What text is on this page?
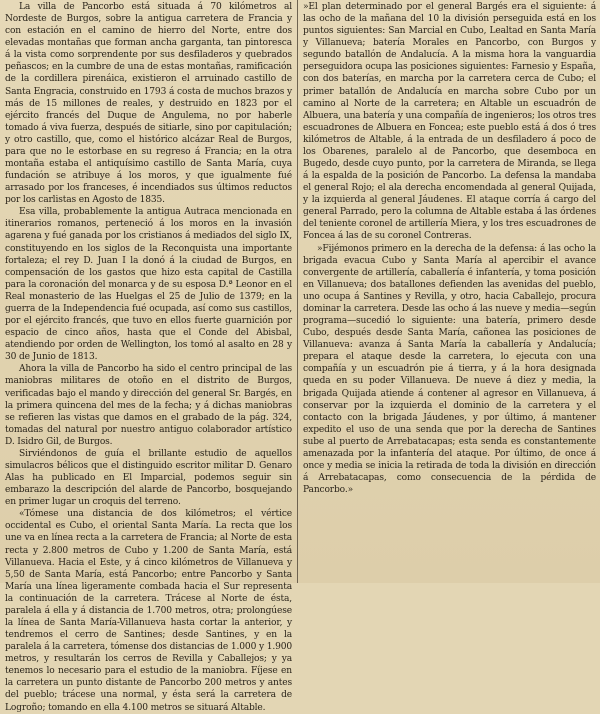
La villa de Pancorbo está situada á 70 kilómetros al Nordeste de Burgos, sobre la antigua carretera de Francia y con estación en el camino de hierro del Norte, entre dos elevadas montañas que forman ancha garganta, tan pintoresca á la vista como sorprendente por sus desfiladeros y quebrados peñascos; en la cumbre de una de estas montañas, ramificación de la cordillera pirenáica, existieron el arruinado castillo de Santa Engracia, construido en 1793 á costa de muchos brazos y más de 15 millones de reales, y destruido en 1823 por el ejército francés del Duque de Angulema, no por haberle tomado á viva fuerza, después de sitiarle, sino por capitulación; y otro castillo, que, como el histórico alcázar Real de Burgos, para que no le estorbase en su regreso á Francia; en la otra montaña estaba el antiquísimo castillo de Santa María, cuya fundación se atribuye á los moros, y que igualmente fué arrasado por los franceses, é incendiados sus últimos reductos por los carlistas en Agosto de 1835.

Esa villa, probablemente la antigua Autraca mencionada en itinerarios romanos, perteneció á los moros en la invasión agarena y fué ganada por los cristianos á mediados del siglo IX, constituyendo en los siglos de la Reconquista una importante fortaleza; el rey D. Juan I la donó á la ciudad de Burgos, en compensación de los gastos que hizo esta capital de Castilla para la coronación del monarca y de su esposa D.ª Leonor en el Real monasterio de las Huelgas el 25 de Julio de 1379; en la guerra de la Independencia fué ocupada, así como sus castillos, por el ejército francés, que tuvo en ellos fuerte guarnición por espacio de cinco años, hasta que el Conde del Abisbal, atendiendo por orden de Wellington, los tomó al asalto en 28 y 30 de Junio de 1813.

Ahora la villa de Pancorbo ha sido el centro principal de las maniobras militares de otoño en el distrito de Burgos, verificadas bajo el mando y dirección del general Sr. Bargés, en la primera quincena del mes de la fecha; y á dichas maniobras se refieren las vistas que damos en el grabado de la pág. 324, tomadas del natural por nuestro antiguo colaborador artístico D. Isidro Gil, de Burgos.

Sirviéndonos de guía el brillante estudio de aquellos simulacros bélicos que el distinguido escritor militar D. Genaro Alas ha publicado en El Imparcial, podemos seguir sin embarazo la descripción del alarde de Pancorbo, bosquejando en primer lugar un croquis del terreno.

«Tómese una distancia de dos kilómetros; el vértice occidental es Cubo, el oriental Santa María. La recta que los une va en línea recta a la carretera de Francia; al Norte de esta recta y 2.800 metros de Cubo y 1.200 de Santa María, está Villanueva. Hacia el Este, y á cinco kilómetros de Villanueva y 5,50 de Santa María, está Pancorbo; entre Pancorbo y Santa María una línea ligeramente combada hacia el Sur representa la continuación de la carretera. Trácese al Norte de ésta, paralela á ella y á distancia de 1.700 metros, otra; prolongúese la línea de Santa María-Villanueva hasta cortar la anterior, y tendremos el cerro de Santines; desde Santines, y en la paralela á la carretera, tómense dos distancias de 1.000 y 1.900 metros, y resultarán los cerros de Revilla y Caballejos; y ya tenemos lo necesario para el estudio de la maniobra. Fíjese en la carretera un punto distante de Pancorbo 200 metros y antes del pueblo; trácese una normal, y ésta será la carretera de Logroño; tomando en ella 4.100 metros se situará Altable.

»El plan determinado por el general Bargés era el siguiente: á las ocho de la mañana del 10 la división perseguida está en los puntos siguientes: San Marcial en Cubo, Lealtad en Santa María y Villanueva; batería Morales en Pancorbo, con Burgos y segundo batallón de Andalucía. A la misma hora la vanguardia perseguidora ocupa las posiciones siguientes: Farnesio y España, con dos baterías, en marcha por la carretera cerca de Cubo; el primer batallón de Andalucía en marcha sobre Cubo por un camino al Norte de la carretera; en Altable un escuadrón de Albuera, una batería y una compañía de ingenieros; los otros tres escuadrones de Albuera en Foncea; este pueblo está á dos ó tres kilómetros de Altable, á la entrada de un desfiladero á poco de los Obarenes, paralelo al de Pancorbo, que desemboca en Bugedo, desde cuyo punto, por la carretera de Miranda, se llega á la espalda de la posición de Pancorbo. La defensa la mandaba el general Rojo; el ala derecha encomendada al general Quijada, y la izquierda al general Jáudenes. El ataque corría á cargo del general Parrado, pero la columna de Altable estaba á las órdenes del teniente coronel de artillería Miera, y los tres escuadrones de Foncea á las de su coronel Contreras.

»Fijémonos primero en la derecha de la defensa: á las ocho la brigada evacua Cubo y Santa María al apercibir el avance convergente de artillería, caballería é infantería, y toma posición en Villanueva; dos batallones defienden las avenidas del pueblo, uno ocupa á Santines y Revilla, y otro, hacia Caballejo, procura dominar la carretera. Desde las ocho á las nueve y media—según programa—sucedió lo siguiente: una batería, primero desde Cubo, después desde Santa María, cañonea las posiciones de Villanueva: avanza á Santa María la caballería y Andalucía; prepara el ataque desde la carretera, lo ejecuta con una compañía y un escuadrón pie á tierra, y á la hora designada queda en su poder Villanueva. De nueve á diez y media, la brigada Quijada atiende á contener al agresor en Villanueva, á conservar por la izquierda el dominio de la carretera y el contacto con la brigada Jáudenes, y por último, á mantener expedito el uso de una senda que por la derecha de Santines sube al puerto de Arrebatacapas; esta senda es constantemente amenazada por la infantería del ataque. Por último, de once á once y media se inicia la retirada de toda la división en dirección á Arrebatacapas, como consecuencia de la pérdida de Pancorbo.»
